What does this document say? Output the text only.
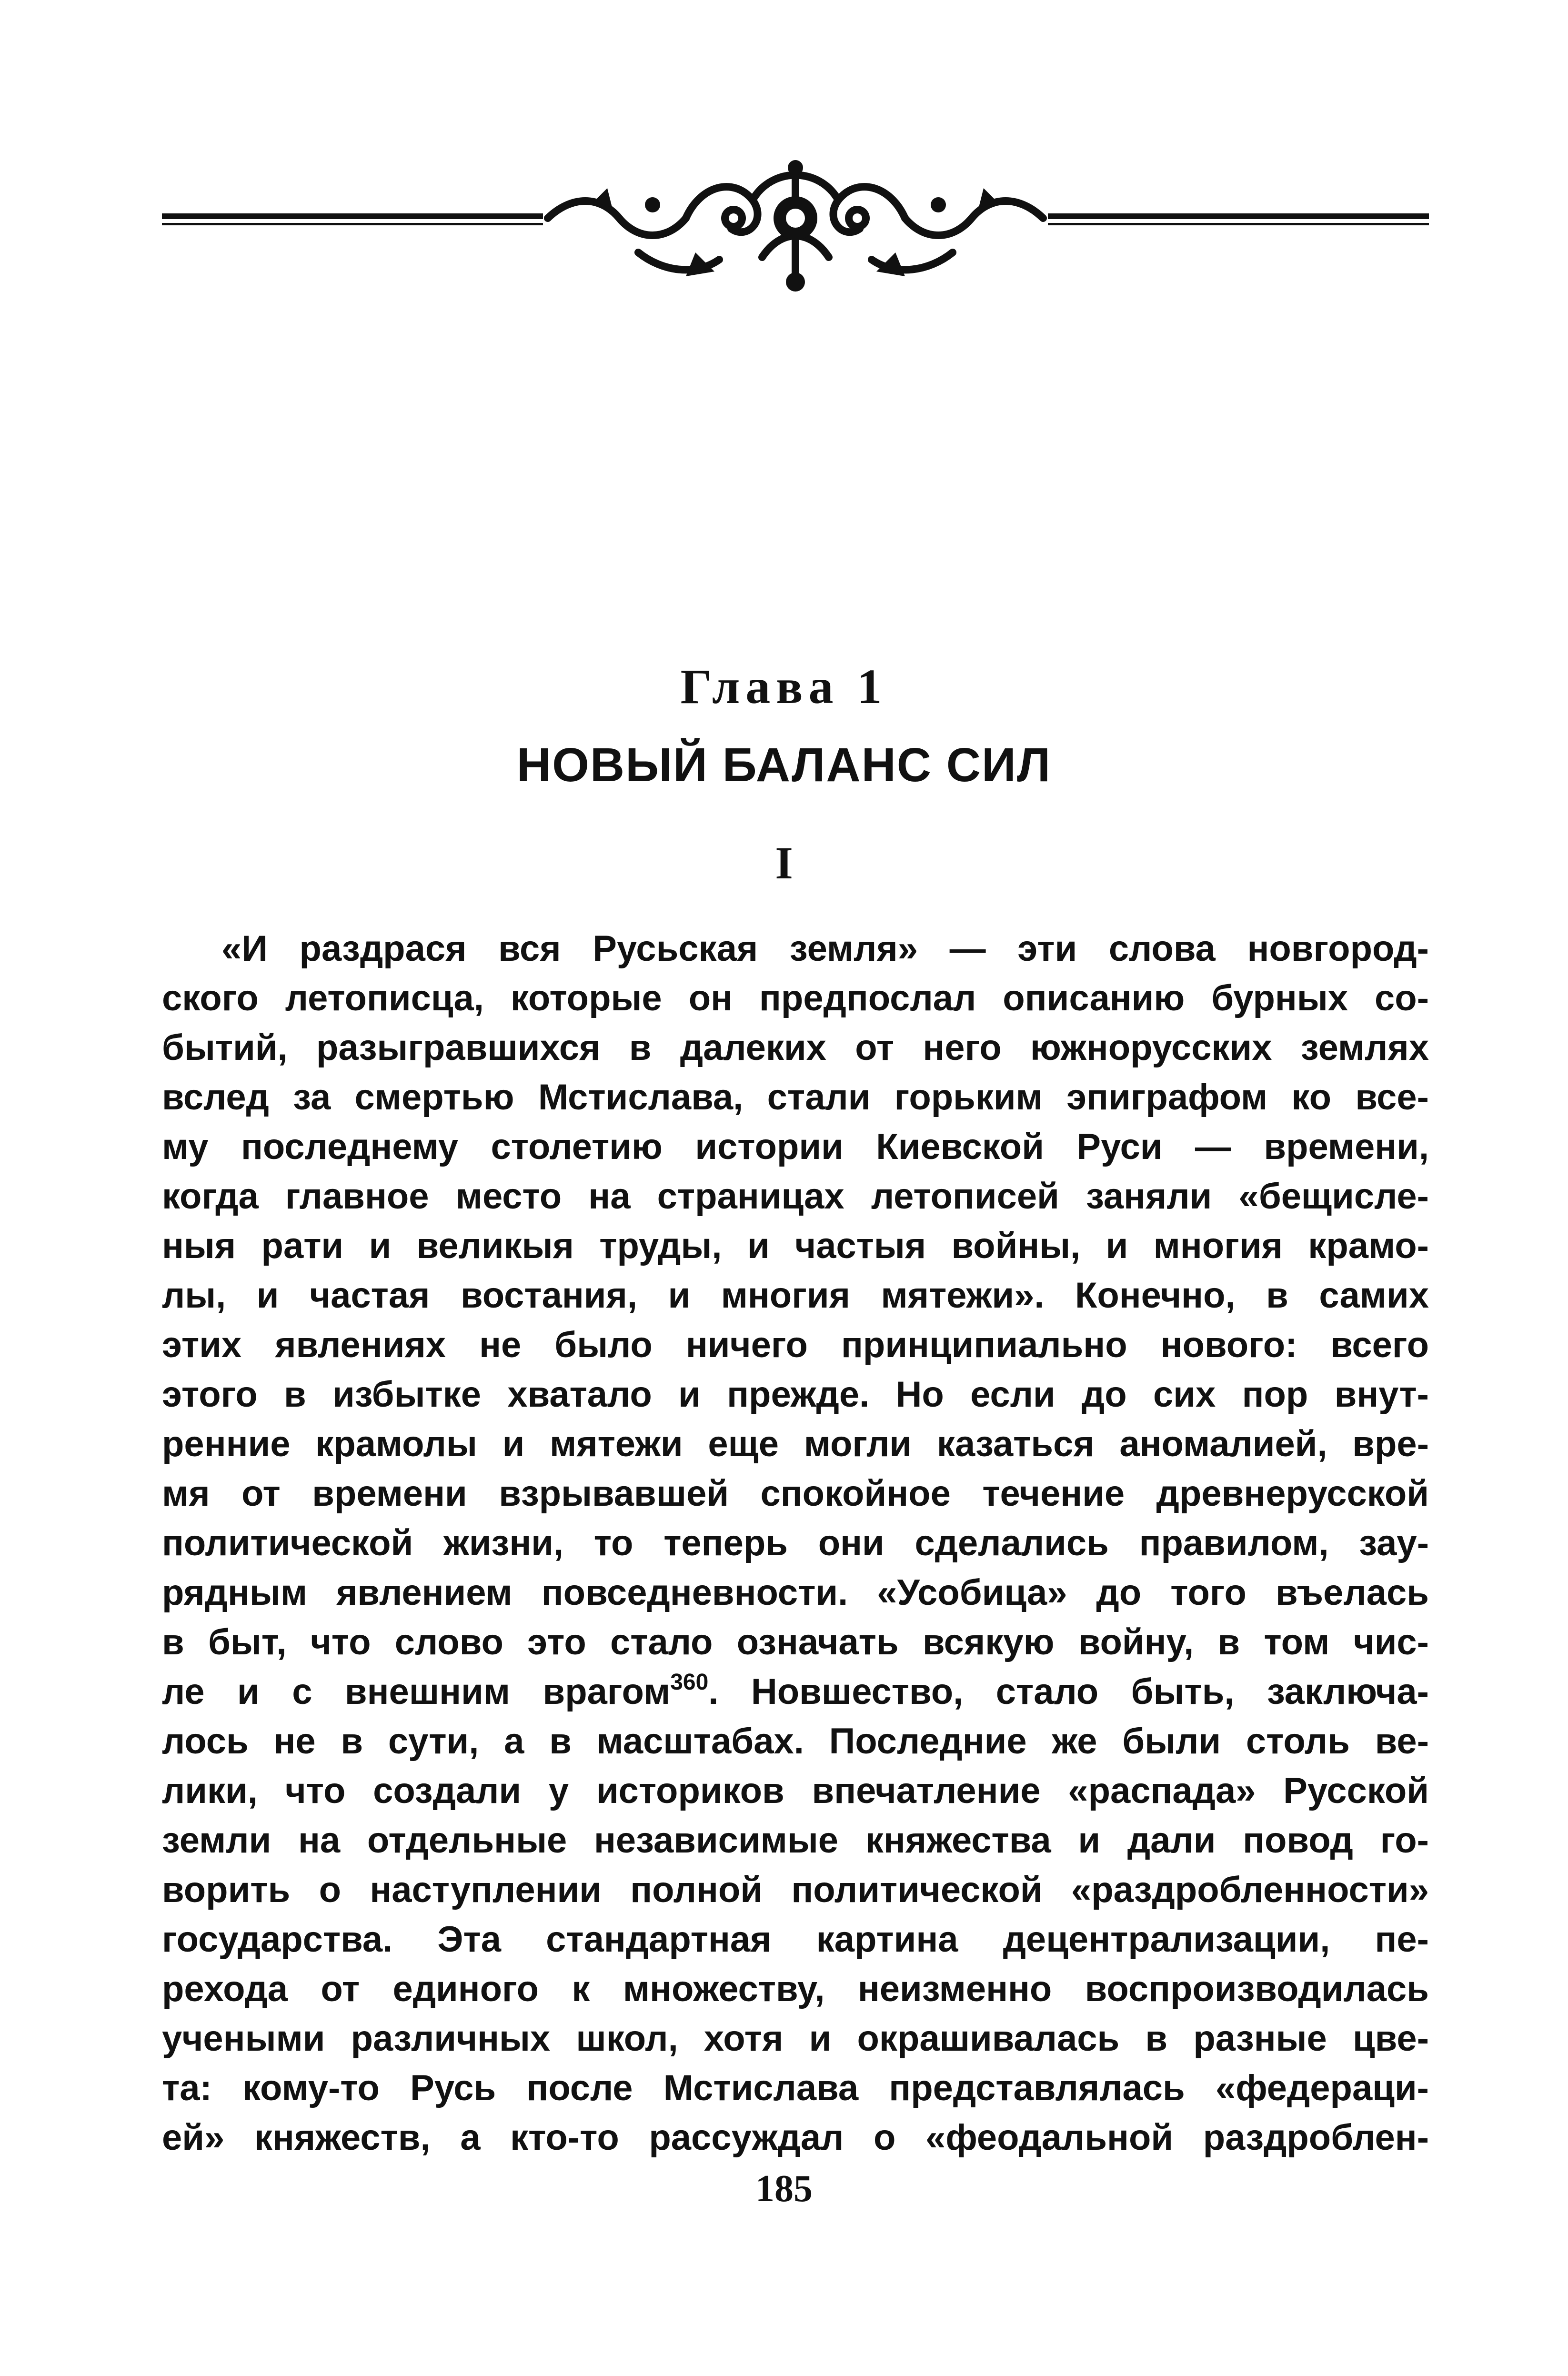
Глава 1

НОВЫЙ БАЛАНС СИЛ

I

«И раздрася вся Русьская земля» — эти слова новгород-
ского летописца, которые он предпослал описанию бурных со-
бытий, разыгравшихся в далеких от него южнорусских землях
вслед за смертью Мстислава, стали горьким эпиграфом ко все-
му последнему столетию истории Киевской Руси — времени,
когда главное место на страницах летописей заняли «бещисле-
ныя рати и великыя труды, и частыя войны, и многия крамо-
лы, и частая востания, и многия мятежи». Конечно, в самих
этих явлениях не было ничего принципиально нового: всего
этого в избытке хватало и прежде. Но если до сих пор внут-
ренние крамолы и мятежи еще могли казаться аномалией, вре-
мя от времени взрывавшей спокойное течение древнерусской
политической жизни, то теперь они сделались правилом, зау-
рядным явлением повседневности. «Усобица» до того въелась
в быт, что слово это стало означать всякую войну, в том чис-
ле и с внешним врагом$^{360}$. Новшество, стало быть, заключа-
лось не в сути, а в масштабах. Последние же были столь ве-
лики, что создали у историков впечатление «распада» Русской
земли на отдельные независимые княжества и дали повод го-
ворить о наступлении полной политической «раздробленности»
государства. Эта стандартная картина децентрализации, пе-
рехода от единого к множеству, неизменно воспроизводилась
учеными различных школ, хотя и окрашивалась в разные цве-
та: кому-то Русь после Мстислава представлялась «федераци-
ей» княжеств, а кто-то рассуждал о «феодальной раздроблен-
185
